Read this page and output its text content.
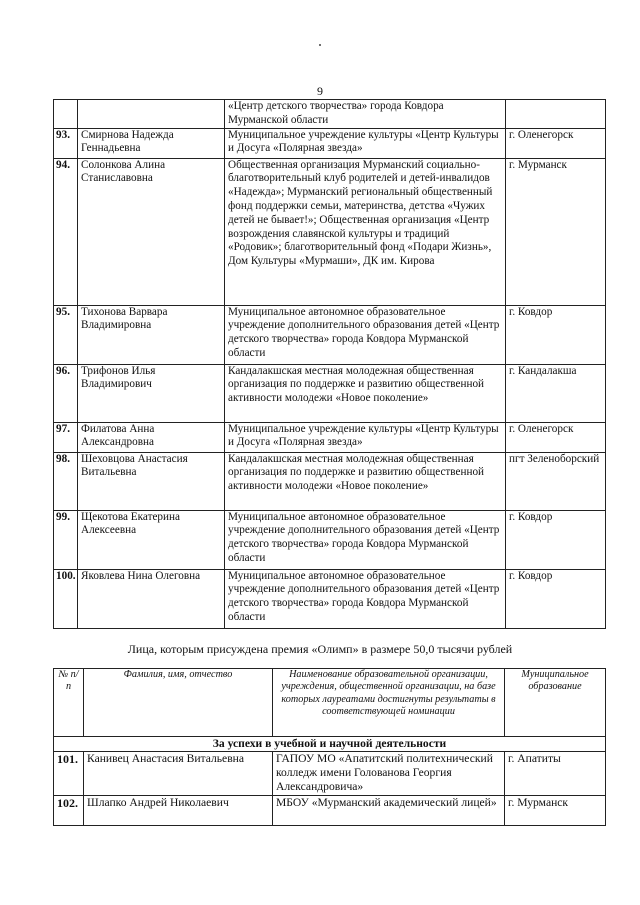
9
		«Центр детского творчества» города Ковдора Мурманской области	
93.	Смирнова Надежда Геннадьевна	Муниципальное учреждение культуры «Центр Культуры и Досуга «Полярная звезда»	г. Оленегорск
94.	Солонкова Алина Станиславовна	Общественная организация Мурманский социально-благотворительный клуб родителей и детей-инвалидов «Надежда»; Мурманский региональный общественный фонд поддержки семьи, материнства, детства «Чужих детей не бывает!»; Общественная организация «Центр возрождения славянской культуры и традиций «Родовик»; благотворительный фонд «Подари Жизнь», Дом Культуры «Мурмаши», ДК им. Кирова	г. Мурманск
95.	Тихонова Варвара Владимировна	Муниципальное автономное образовательное учреждение дополнительного образования детей «Центр детского творчества» города Ковдора Мурманской области	г. Ковдор
96.	Трифонов Илья Владимирович	Кандалакшская местная молодежная общественная организация по поддержке и развитию общественной активности молодежи «Новое поколение»	г. Кандалакша
97.	Филатова Анна Александровна	Муниципальное учреждение культуры «Центр Культуры и Досуга «Полярная звезда»	г. Оленегорск
98.	Шеховцова Анастасия Витальевна	Кандалакшская местная молодежная общественная организация по поддержке и развитию общественной активности молодежи «Новое поколение»	пгт Зеленоборский
99.	Щекотова Екатерина Алексеевна	Муниципальное автономное образовательное учреждение дополнительного образования детей «Центр детского творчества» города Ковдора Мурманской области	г. Ковдор
100.	Яковлева Нина Олеговна	Муниципальное автономное образовательное учреждение дополнительного образования детей «Центр детского творчества» города Ковдора Мурманской области	г. Ковдор
Лица, которым присуждена премия «Олимп» в размере 50,0 тысячи рублей
№ п/п	Фамилия, имя, отчество	Наименование образовательной организации, учреждения, общественной организации, на базе которых лауреатами достигнуты результаты в соответствующей номинации	Муниципальное образование
За успехи в учебной и научной деятельности			
101.	Канивец Анастасия Витальевна	ГАПОУ МО «Апатитский политехнический колледж имени Голованова Георгия Александровича»	г. Апатиты
102.	Шлапко Андрей Николаевич	МБОУ «Мурманский академический лицей»	г. Мурманск
